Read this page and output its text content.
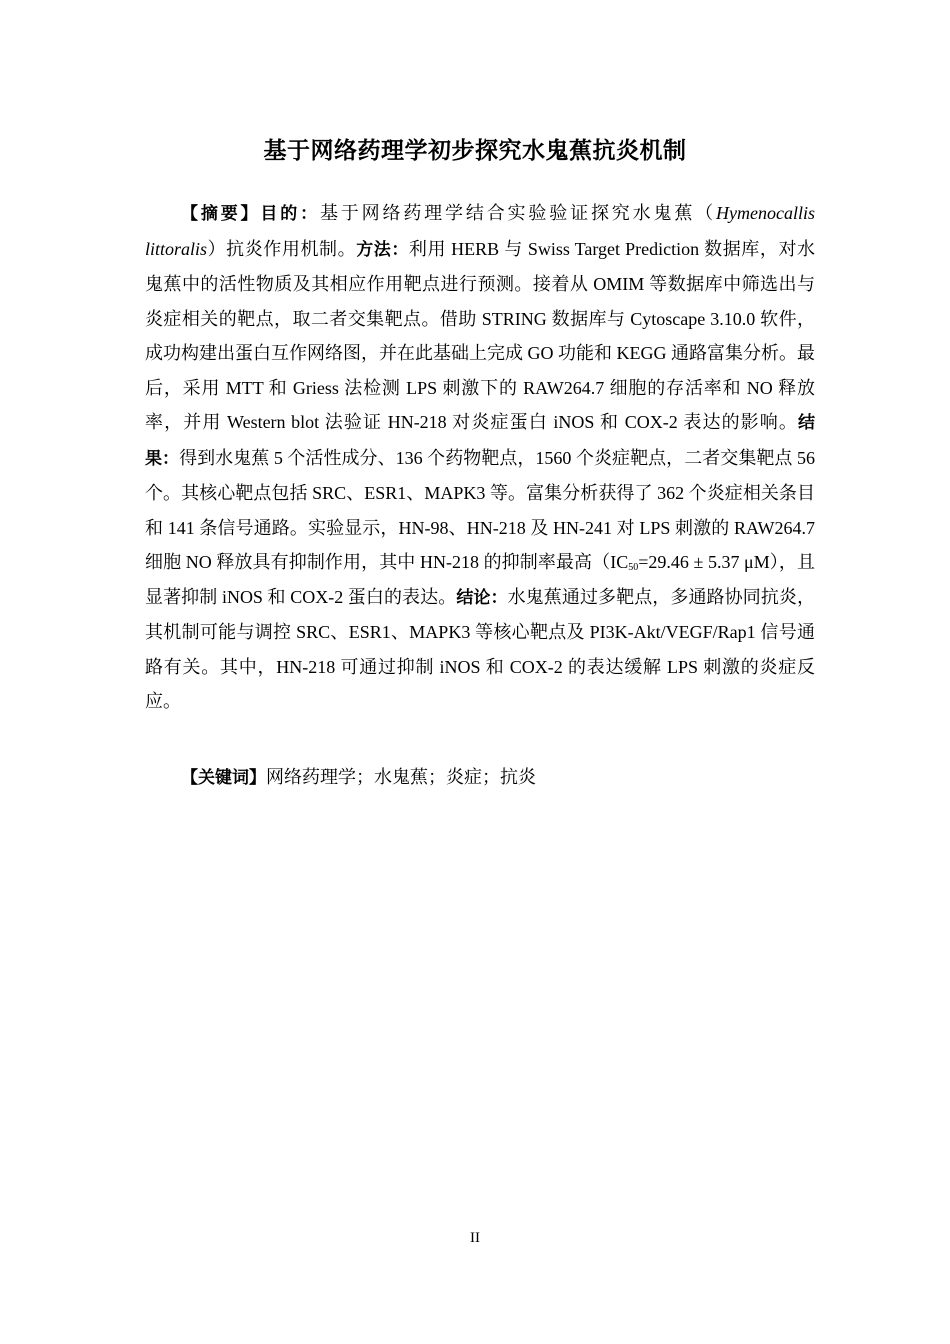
基于网络药理学初步探究水鬼蕉抗炎机制

【摘要】目的：基于网络药理学结合实验验证探究水鬼蕉（Hymenocallis littoralis）抗炎作用机制。方法：利用 HERB 与 Swiss Target Prediction 数据库，对水鬼蕉中的活性物质及其相应作用靶点进行预测。接着从 OMIM 等数据库中筛选出与炎症相关的靶点，取二者交集靶点。借助 STRING 数据库与 Cytoscape 3.10.0 软件，成功构建出蛋白互作网络图，并在此基础上完成 GO 功能和 KEGG 通路富集分析。最后，采用 MTT 和 Griess 法检测 LPS 刺激下的 RAW264.7 细胞的存活率和 NO 释放率，并用 Western blot 法验证 HN-218 对炎症蛋白 iNOS 和 COX-2 表达的影响。结果：得到水鬼蕉 5 个活性成分、136 个药物靶点，1560 个炎症靶点，二者交集靶点 56 个。其核心靶点包括 SRC、ESR1、MAPK3 等。富集分析获得了 362 个炎症相关条目和 141 条信号通路。实验显示，HN-98、HN-218 及 HN-241 对 LPS 刺激的 RAW264.7 细胞 NO 释放具有抑制作用，其中 HN-218 的抑制率最高（$IC_{50}=29.46 \pm 5.37$ μM），且显著抑制 iNOS 和 COX-2 蛋白的表达。结论：水鬼蕉通过多靶点，多通路协同抗炎，其机制可能与调控 SRC、ESR1、MAPK3 等核心靶点及 PI3K-Akt/VEGF/Rap1 信号通路有关。其中，HN-218 可通过抑制 iNOS 和 COX-2 的表达缓解 LPS 刺激的炎症反应。

【关键词】网络药理学；水鬼蕉；炎症；抗炎

II
